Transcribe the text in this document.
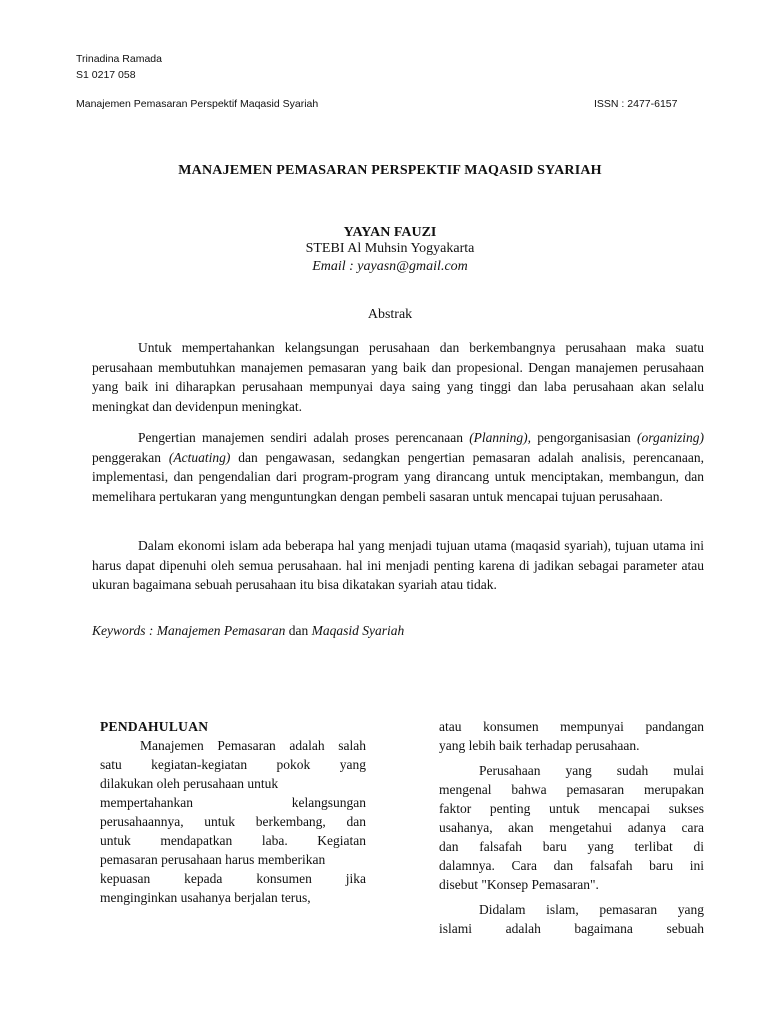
Trinadina Ramada
S1 0217 058
Manajemen Pemasaran Perspektif Maqasid Syariah	ISSN : 2477-6157
MANAJEMEN PEMASARAN PERSPEKTIF MAQASID SYARIAH
YAYAN FAUZI
STEBI Al Muhsin Yogyakarta
Email : yayasn@gmail.com
Abstrak

Untuk mempertahankan kelangsungan perusahaan dan berkembangnya perusahaan maka suatu perusahaan membutuhkan manajemen pemasaran yang baik dan propesional. Dengan manajemen perusahaan yang baik ini diharapkan perusahaan mempunyai daya saing yang tinggi dan laba perusahaan akan selalu meningkat dan devidenpun meningkat.

Pengertian manajemen sendiri adalah proses perencanaan (Planning), pengorganisasian (organizing) penggerakan (Actuating) dan pengawasan, sedangkan pengertian pemasaran adalah analisis, perencanaan, implementasi, dan pengendalian dari program-program yang dirancang untuk menciptakan, membangun, dan memelihara pertukaran yang menguntungkan dengan pembeli sasaran untuk mencapai tujuan perusahaan.

Dalam ekonomi islam ada beberapa hal yang menjadi tujuan utama (maqasid syariah), tujuan utama ini harus dapat dipenuhi oleh semua perusahaan. hal ini menjadi penting karena di jadikan sebagai parameter atau ukuran bagaimana sebuah perusahaan itu bisa dikatakan syariah atau tidak.

Keywords : Manajemen Pemasaran dan Maqasid Syariah

PENDAHULUAN

Manajemen Pemasaran adalah salah
satu kegiatan-kegiatan pokok yang
dilakukan oleh perusahaan untuk
mempertahankan kelangsungan
perusahaannya, untuk berkembang, dan
untuk mendapatkan laba. Kegiatan
pemasaran perusahaan harus memberikan
kepuasan kepada konsumen jika
menginginkan usahanya berjalan terus,

atau konsumen mempunyai pandangan
yang lebih baik terhadap perusahaan.

Perusahaan yang sudah mulai
mengenal bahwa pemasaran merupakan
faktor penting untuk mencapai sukses
usahanya, akan mengetahui adanya cara
dan falsafah baru yang terlibat di
dalamnya. Cara dan falsafah baru ini
disebut "Konsep Pemasaran".

Didalam islam, pemasaran yang
islami adalah bagaimana sebuah
